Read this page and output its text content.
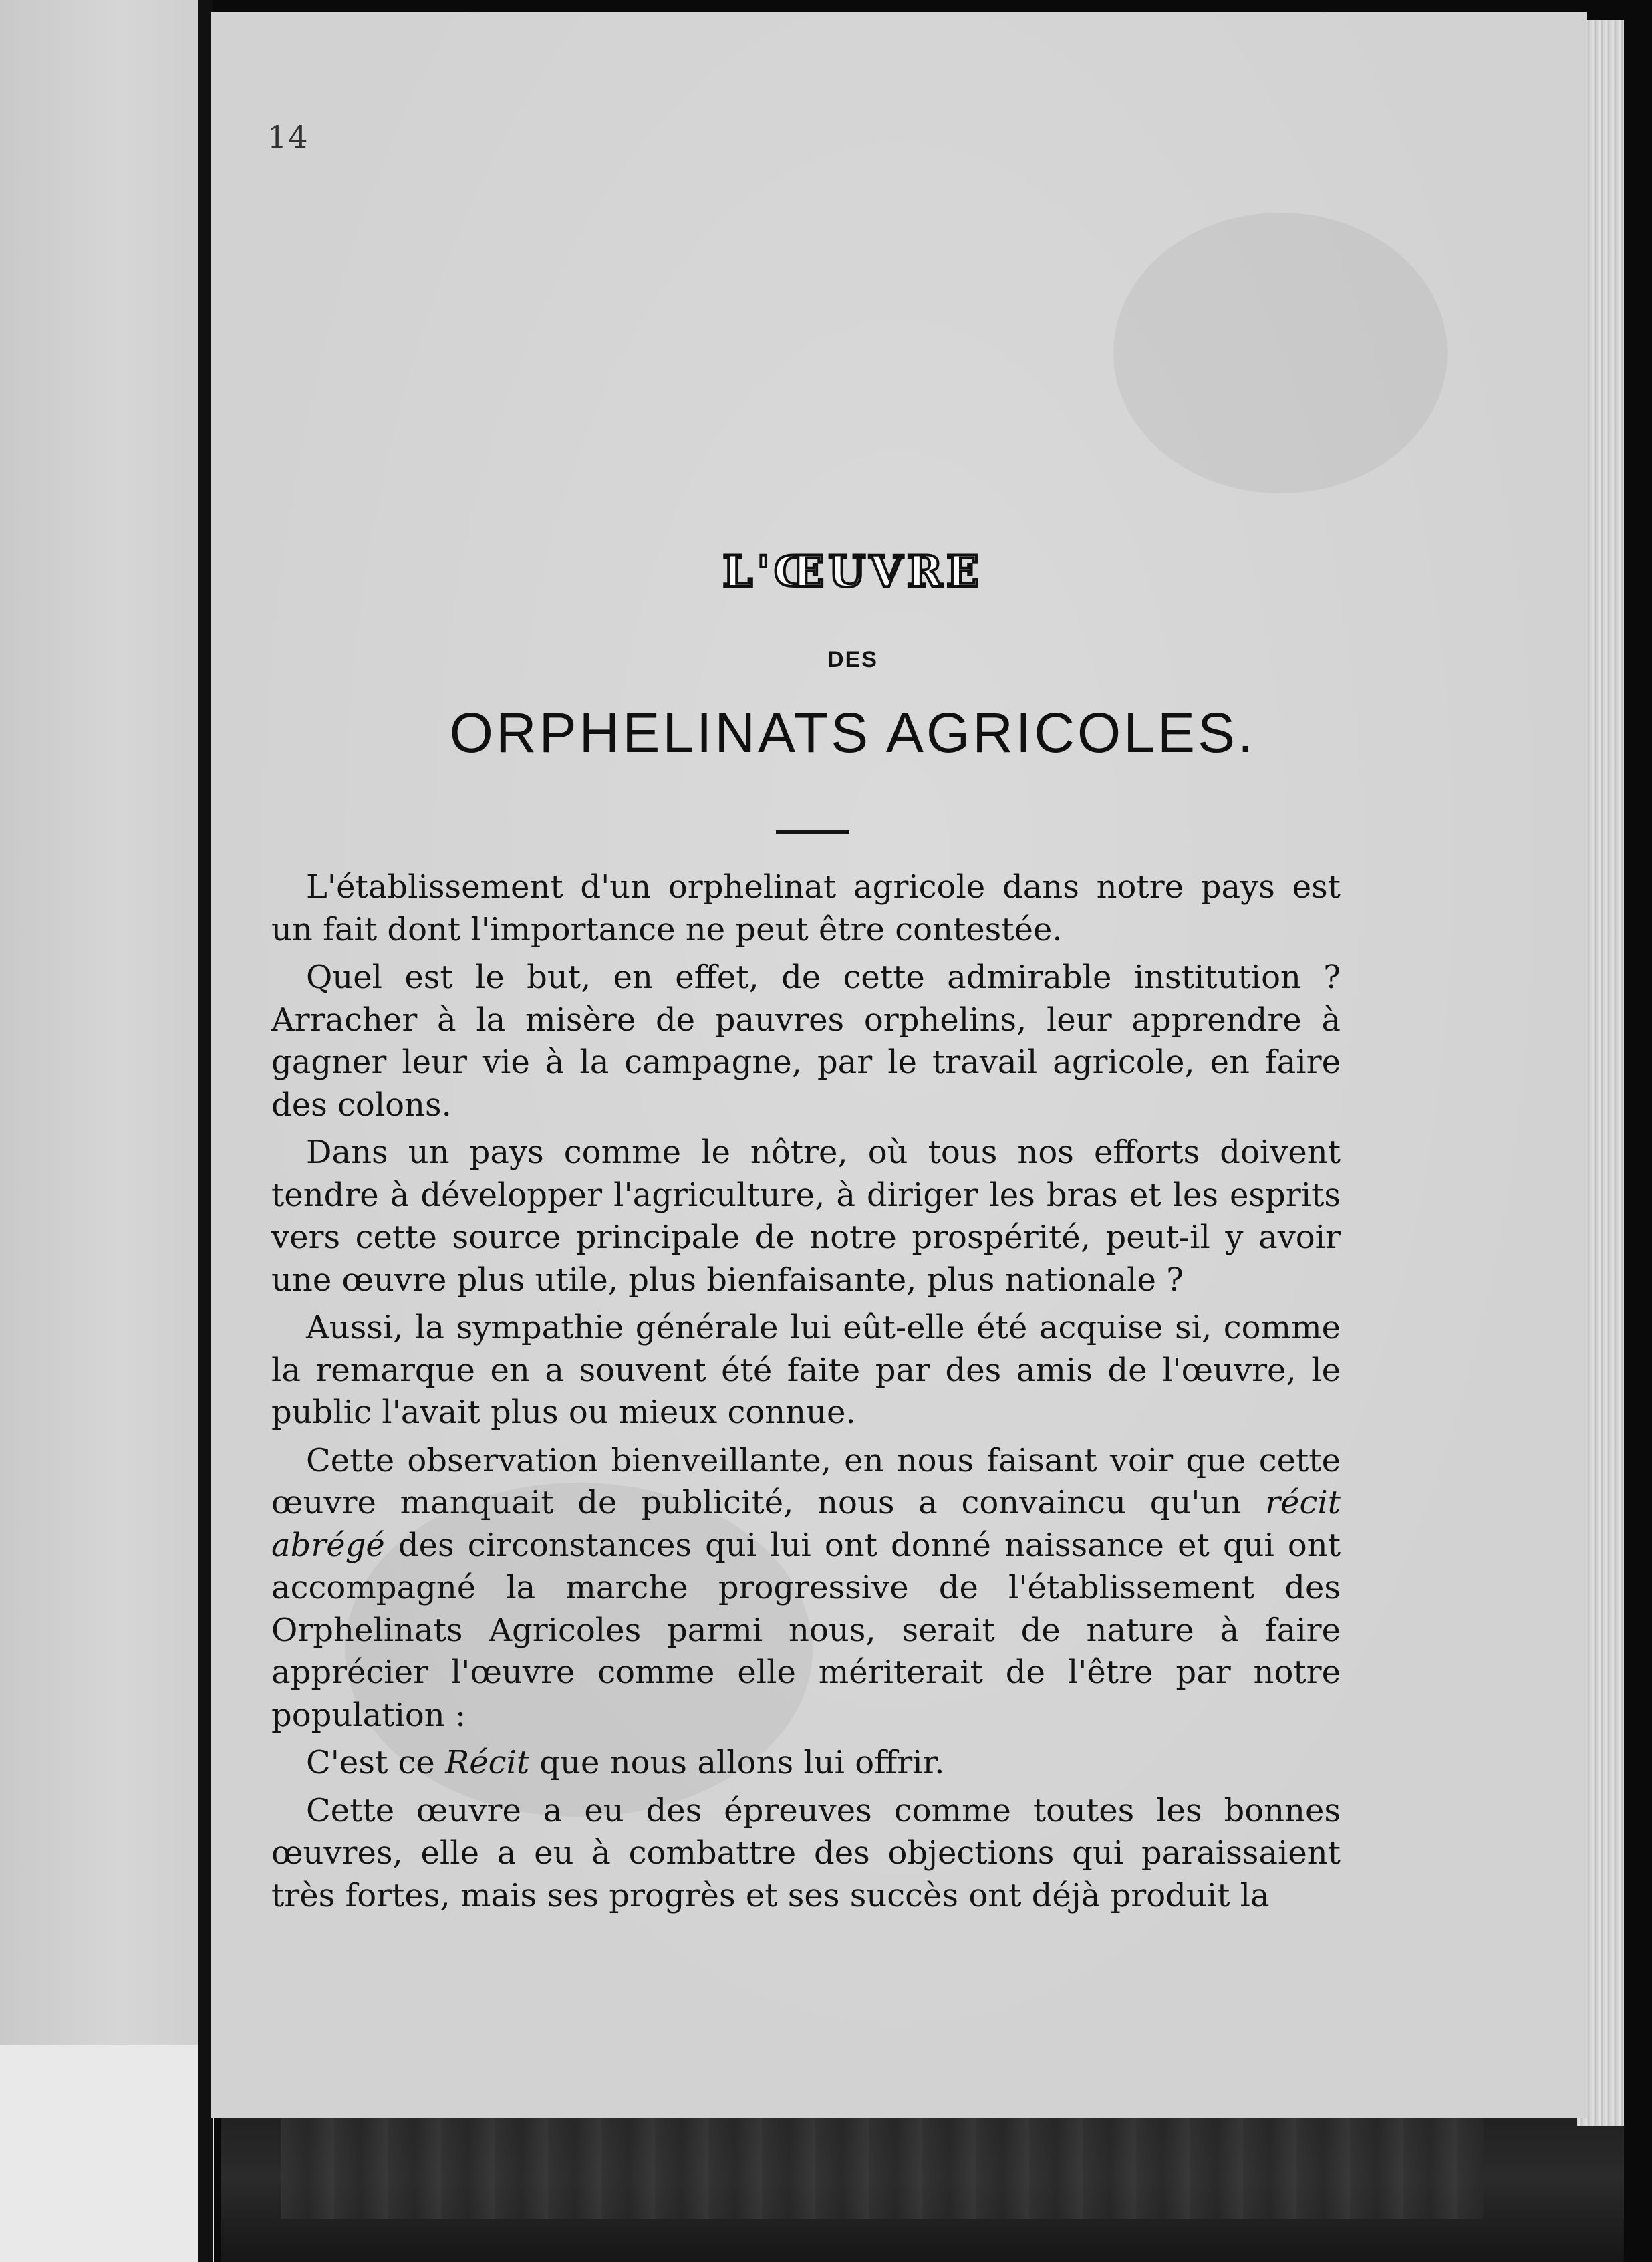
14
L'ŒUVRE
DES
ORPHELINATS AGRICOLES.

L'établissement d'un orphelinat agricole dans notre pays est un fait dont l'importance ne peut être contestée.

Quel est le but, en effet, de cette admirable institution ? Arracher à la misère de pauvres orphelins, leur apprendre à gagner leur vie à la campagne, par le travail agricole, en faire des colons.

Dans un pays comme le nôtre, où tous nos efforts doivent tendre à développer l'agriculture, à diriger les bras et les esprits vers cette source principale de notre prospérité, peut-il y avoir une œuvre plus utile, plus bienfaisante, plus nationale ?

Aussi, la sympathie générale lui eût-elle été acquise si, comme la remarque en a souvent été faite par des amis de l'œuvre, le public l'avait plus ou mieux connue.

Cette observation bienveillante, en nous faisant voir que cette œuvre manquait de publicité, nous a convaincu qu'un récit abrégé des circonstances qui lui ont donné naissance et qui ont accompagné la marche progressive de l'établissement des Orphelinats Agricoles parmi nous, serait de nature à faire apprécier l'œuvre comme elle mériterait de l'être par notre population :

C'est ce Récit que nous allons lui offrir.

Cette œuvre a eu des épreuves comme toutes les bonnes œuvres, elle a eu à combattre des objections qui paraissaient très fortes, mais ses progrès et ses succès ont déjà produit la
